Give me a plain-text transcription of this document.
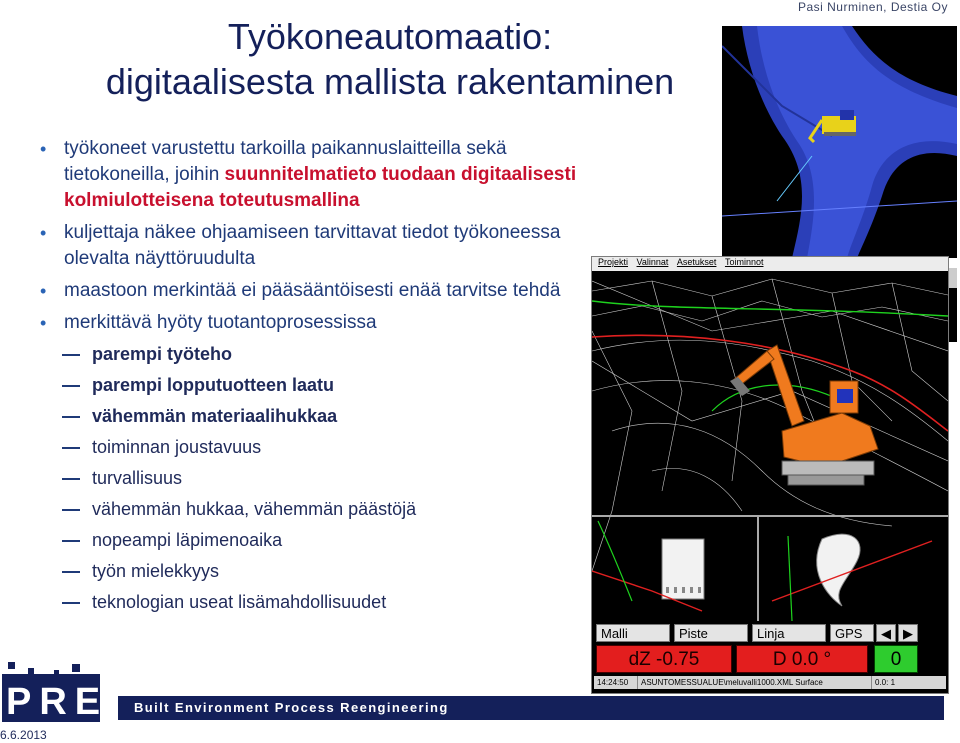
Pasi Nurminen, Destia Oy
Työkoneautomaatio:
digitaalisesta mallista rakentaminen
• työkoneet varustettu tarkoilla paikannuslaitteilla sekä tietokoneilla, joihin suunnitelmatieto tuodaan digitaalisesti kolmiulotteisena toteutusmallina
• kuljettaja näkee ohjaamiseen tarvittavat tiedot työkoneessa olevalta näyttöruudulta
• maastoon merkintää ei pääsääntöisesti enää tarvitse tehdä
• merkittävä hyöty tuotantoprosessissa
parempi työteho
parempi lopputuotteen laatu
vähemmän materiaalihukkaa
toiminnan joustavuus
turvallisuus
vähemmän hukkaa, vähemmän päästöjä
nopeampi läpimenoaika
työn mielekkyys
teknologian useat lisämahdollisuudet
Projekti Valinnat Asetukset Toiminnot
Malli	Piste	Linja	GPS	◀ ▶
dZ -0.75	D 0.0 °	0
14:24:50 ASUNTOMESSUALUE\meluvalli1000.XML Surface	0.0: 1
PRE Built Environment Process Reengineering
6.6.2013
